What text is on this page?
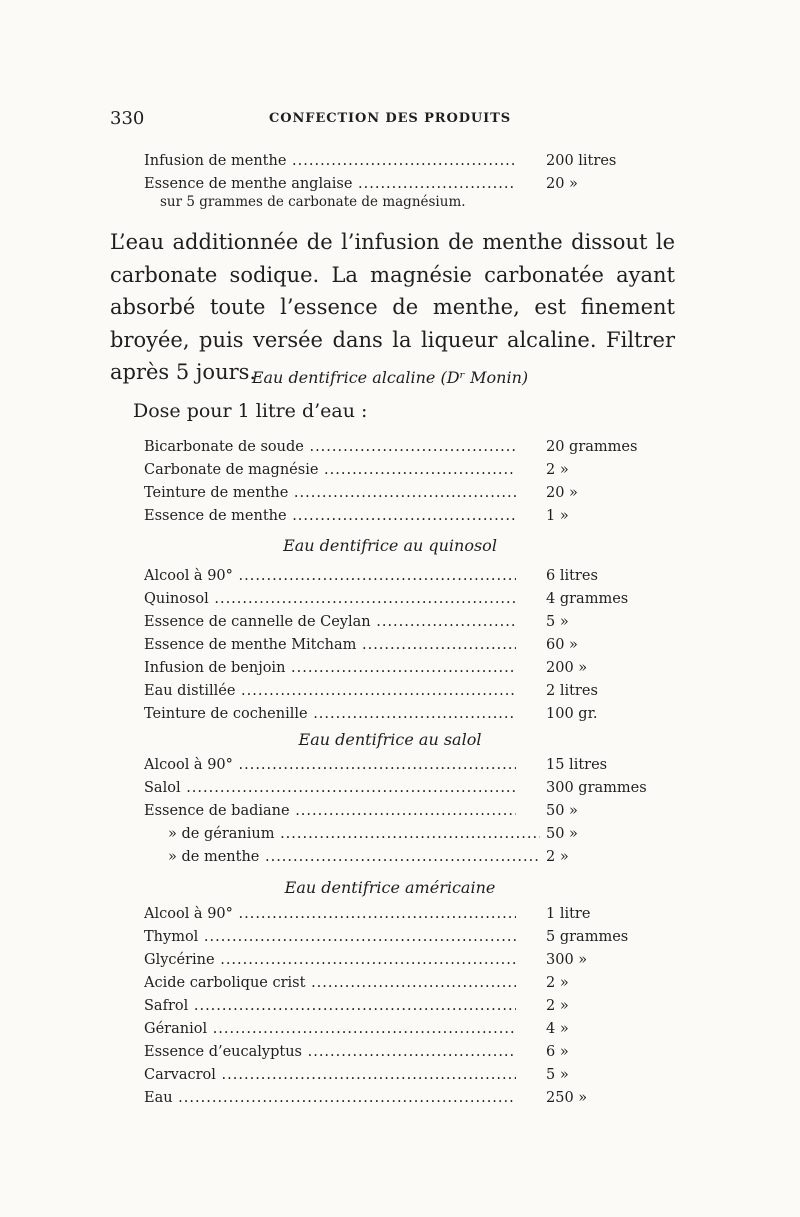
330	CONFECTION DES PRODUITS
Infusion de menthe .....	200 litres
Essence de menthe anglaise .....	20 »
sur 5 grammes de carbonate de magnésium.
L’eau additionnée de l’infusion de menthe dissout le carbonate sodique. La magnésie carbonatée ayant absorbé toute l’essence de menthe, est finement broyée, puis versée dans la liqueur alcaline. Filtrer après 5 jours.
Eau dentifrice alcaline (Dʳ Monin)
Dose pour 1 litre d’eau :
Bicarbonate de soude .....	20 grammes
Carbonate de magnésie .....	2 »
Teinture de menthe .....	20 »
Essence de menthe .....	1 »
Eau dentifrice au quinosol
Alcool à 90° .....	6 litres
Quinosol .....	4 grammes
Essence de cannelle de Ceylan .....	5 »
Essence de menthe Mitcham .....	60 »
Infusion de benjoin .....	200 »
Eau distillée .....	2 litres
Teinture de cochenille .....	100 gr.
Eau dentifrice au salol
Alcool à 90° .....	15 litres
Salol .....	300 grammes
Essence de badiane .....	50 »
» de géranium .....	50 »
» de menthe .....	2 »
Eau dentifrice américaine
Alcool à 90° .....	1 litre
Thymol .....	5 grammes
Glycérine .....	300 »
Acide carbolique crist .....	2 »
Safrol .....	2 »
Géraniol .....	4 »
Essence d’eucalyptus .....	6 »
Carvacrol .....	5 »
Eau .....	250 »
